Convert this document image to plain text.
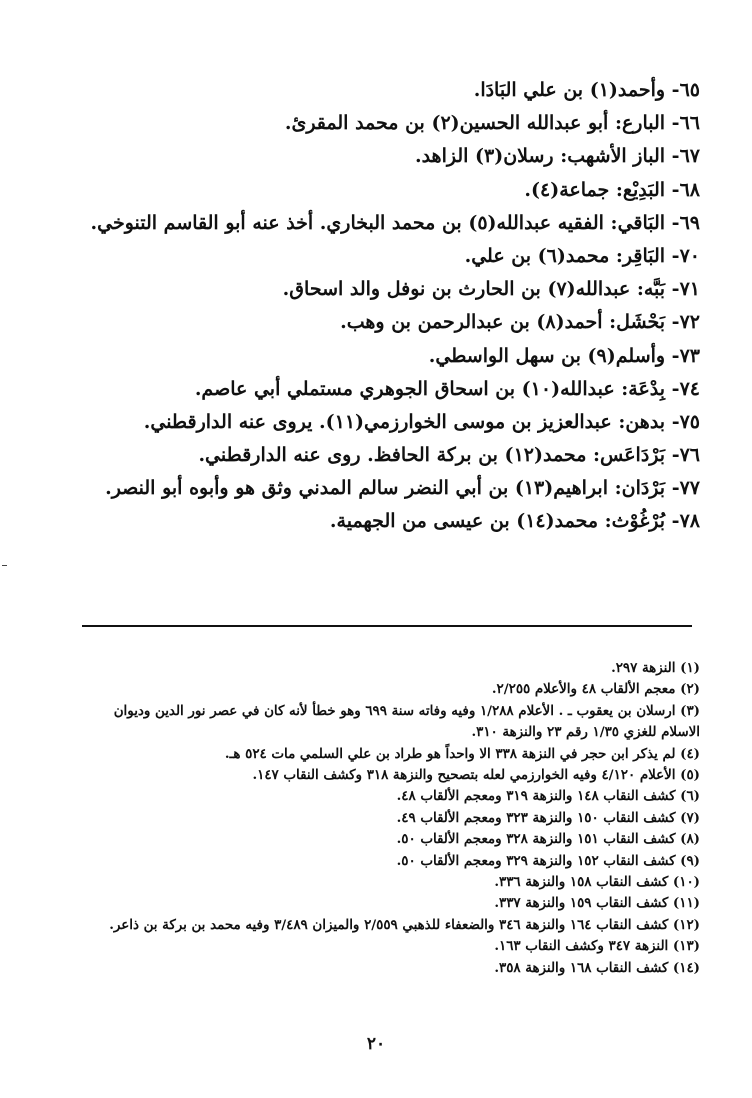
٦٥- وأحمد(١) بن علي البَادَا.
٦٦- البارع: أبو عبدالله الحسين(٢) بن محمد المقرئ.
٦٧- الباز الأشهب: رسلان(٣) الزاهد.
٦٨- البَدِيْع: جماعة(٤).
٦٩- البَاقي: الفقيه عبدالله(٥) بن محمد البخاري. أخذ عنه أبو القاسم التنوخي.
٧٠- البَاقِر: محمد(٦) بن علي.
٧١- بَبَّه: عبدالله(٧) بن الحارث بن نوفل والد اسحاق.
٧٢- بَحْشَل: أحمد(٨) بن عبدالرحمن بن وهب.
٧٣- وأسلم(٩) بن سهل الواسطي.
٧٤- بِدْعَة: عبدالله(١٠) بن اسحاق الجوهري مستملي أبي عاصم.
٧٥- بدهن: عبدالعزيز بن موسى الخوارزمي(١١). يروى عنه الدارقطني.
٧٦- بَرْدَاعَس: محمد(١٢) بن بركة الحافظ. روى عنه الدارقطني.
٧٧- بَرْدَان: ابراهيم(١٣) بن أبي النضر سالم المدني وثق هو وأبوه أبو النصر.
٧٨- بُرْغُوْث: محمد(١٤) بن عيسى من الجهمية.
(١) النزهة ٢٩٧.
(٢) معجم الألقاب ٤٨ والأعلام ٢/٢٥٥.
(٣) ارسلان بن يعقوب ـ . الأعلام ١/٢٨٨ وفيه وفاته سنة ٦٩٩ وهو خطأ لأنه كان في عصر نور الدين وديوان
الاسلام للغزي ١/٣٥ رقم ٢٣ والنزهة ٣١٠.
(٤) لم يذكر ابن حجر في النزهة ٣٣٨ الا واحداً هو طراد بن علي السلمي مات ٥٢٤ هـ.
(٥) الأعلام ٤/١٢٠ وفيه الخوارزمي لعله بتصحيح والنزهة ٣١٨ وكشف النقاب ١٤٧.
(٦) كشف النقاب ١٤٨ والنزهة ٣١٩ ومعجم الألقاب ٤٨.
(٧) كشف النقاب ١٥٠ والنزهة ٣٢٣ ومعجم الألقاب ٤٩.
(٨) كشف النقاب ١٥١ والنزهة ٣٢٨ ومعجم الألقاب ٥٠.
(٩) كشف النقاب ١٥٢ والنزهة ٣٢٩ ومعجم الألقاب ٥٠.
(١٠) كشف النقاب ١٥٨ والنزهة ٣٣٦.
(١١) كشف النقاب ١٥٩ والنزهة ٣٣٧.
(١٢) كشف النقاب ١٦٤ والنزهة ٣٤٦ والضعفاء للذهبي ٢/٥٥٩ والميزان ٣/٤٨٩ وفيه محمد بن بركة بن ذاعر.
(١٣) النزهة ٣٤٧ وكشف النقاب ١٦٣.
(١٤) كشف النقاب ١٦٨ والنزهة ٣٥٨.
٢٠
